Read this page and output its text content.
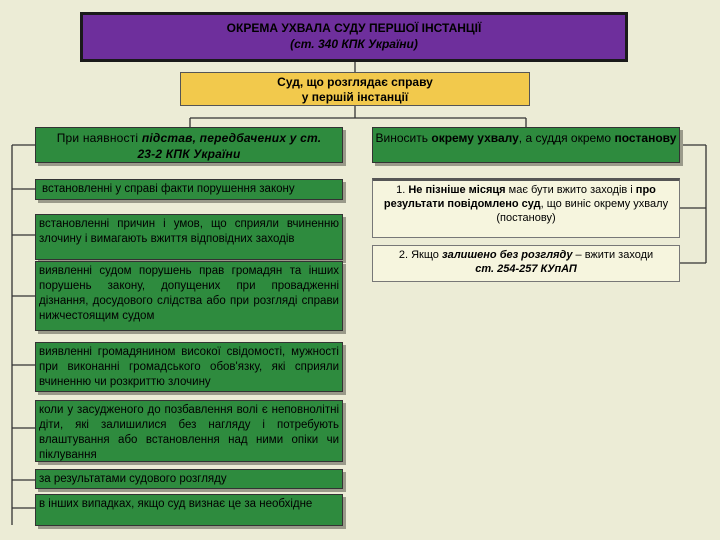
ОКРЕМА УХВАЛА СУДУ ПЕРШОЇ ІНСТАНЦІЇ
(ст. 340 КПК України)
Суд, що розглядає справу
у першій інстанції
При наявності підстав, передбачених у ст.
23-2 КПК України
Виносить окрему ухвалу, а суддя окремо постанову
встановленні у справі факти порушення закону
встановленні причин і умов, що сприяли вчиненню злочину і вимагають вжиття відповідних заходів
виявленні судом порушень прав громадян та інших порушень закону, допущених при провадженні дізнання, досудового слідства або при розгляді справи нижчестоящим судом
виявленні громадянином високої свідомості, мужності при виконанні громадського обов'язку, які сприяли вчиненню чи розкриттю злочину
коли у засудженого до позбавлення волі є неповнолітні діти, які залишилися без нагляду і потребують влаштування або встановлення над ними опіки чи піклування
за результатами судового розгляду
в інших випадках, якщо суд визнає це за необхідне
1. Не пізніше місяця має бути вжито заходів і про результати повідомлено суд, що виніс окрему ухвалу (постанову)
2. Якщо залишено без розгляду – вжити заходи
ст. 254-257 КУпАП
